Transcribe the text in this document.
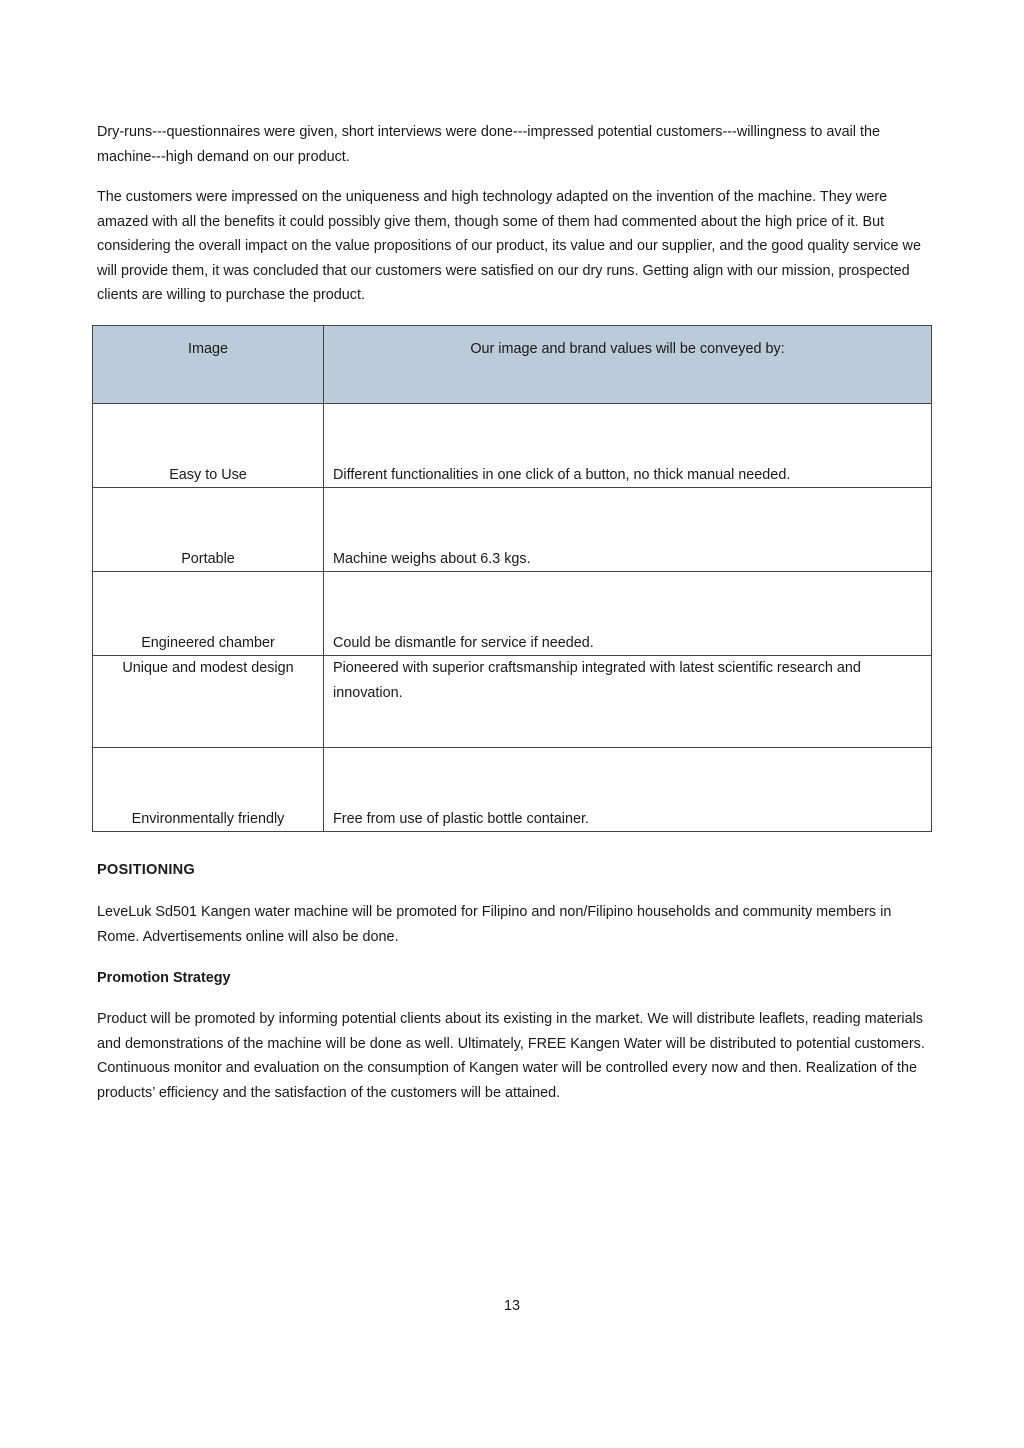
Dry-runs---questionnaires were given, short interviews were done---impressed potential customers---willingness to avail the machine---high demand on our product.

The customers were impressed on the uniqueness and high technology adapted on the invention of the machine. They were amazed with all the benefits it could possibly give them, though some of them had commented about the high price of it. But considering the overall impact on the value propositions of our product, its value and our supplier, and the good quality service we will provide them, it was concluded that our customers were satisfied on our dry runs. Getting align with our mission, prospected clients are willing to purchase the product.

Image	Our image and brand values will be conveyed by:
Easy to Use	Different functionalities in one click of a button, no thick manual needed.
Portable	Machine weighs about 6.3 kgs.
Engineered chamber	Could be dismantle for service if needed.
Unique and modest design	Pioneered with superior craftsmanship integrated with latest scientific research and innovation.
Environmentally friendly	Free from use of plastic bottle container.

POSITIONING

LeveLuk Sd501 Kangen water machine will be promoted for Filipino and non/Filipino households and community members in Rome. Advertisements online will also be done.

Promotion Strategy

Product will be promoted by informing potential clients about its existing in the market. We will distribute leaflets, reading materials and demonstrations of the machine will be done as well. Ultimately, FREE Kangen Water will be distributed to potential customers. Continuous monitor and evaluation on the consumption of Kangen water will be controlled every now and then. Realization of the products’ efficiency and the satisfaction of the customers will be attained.

13
